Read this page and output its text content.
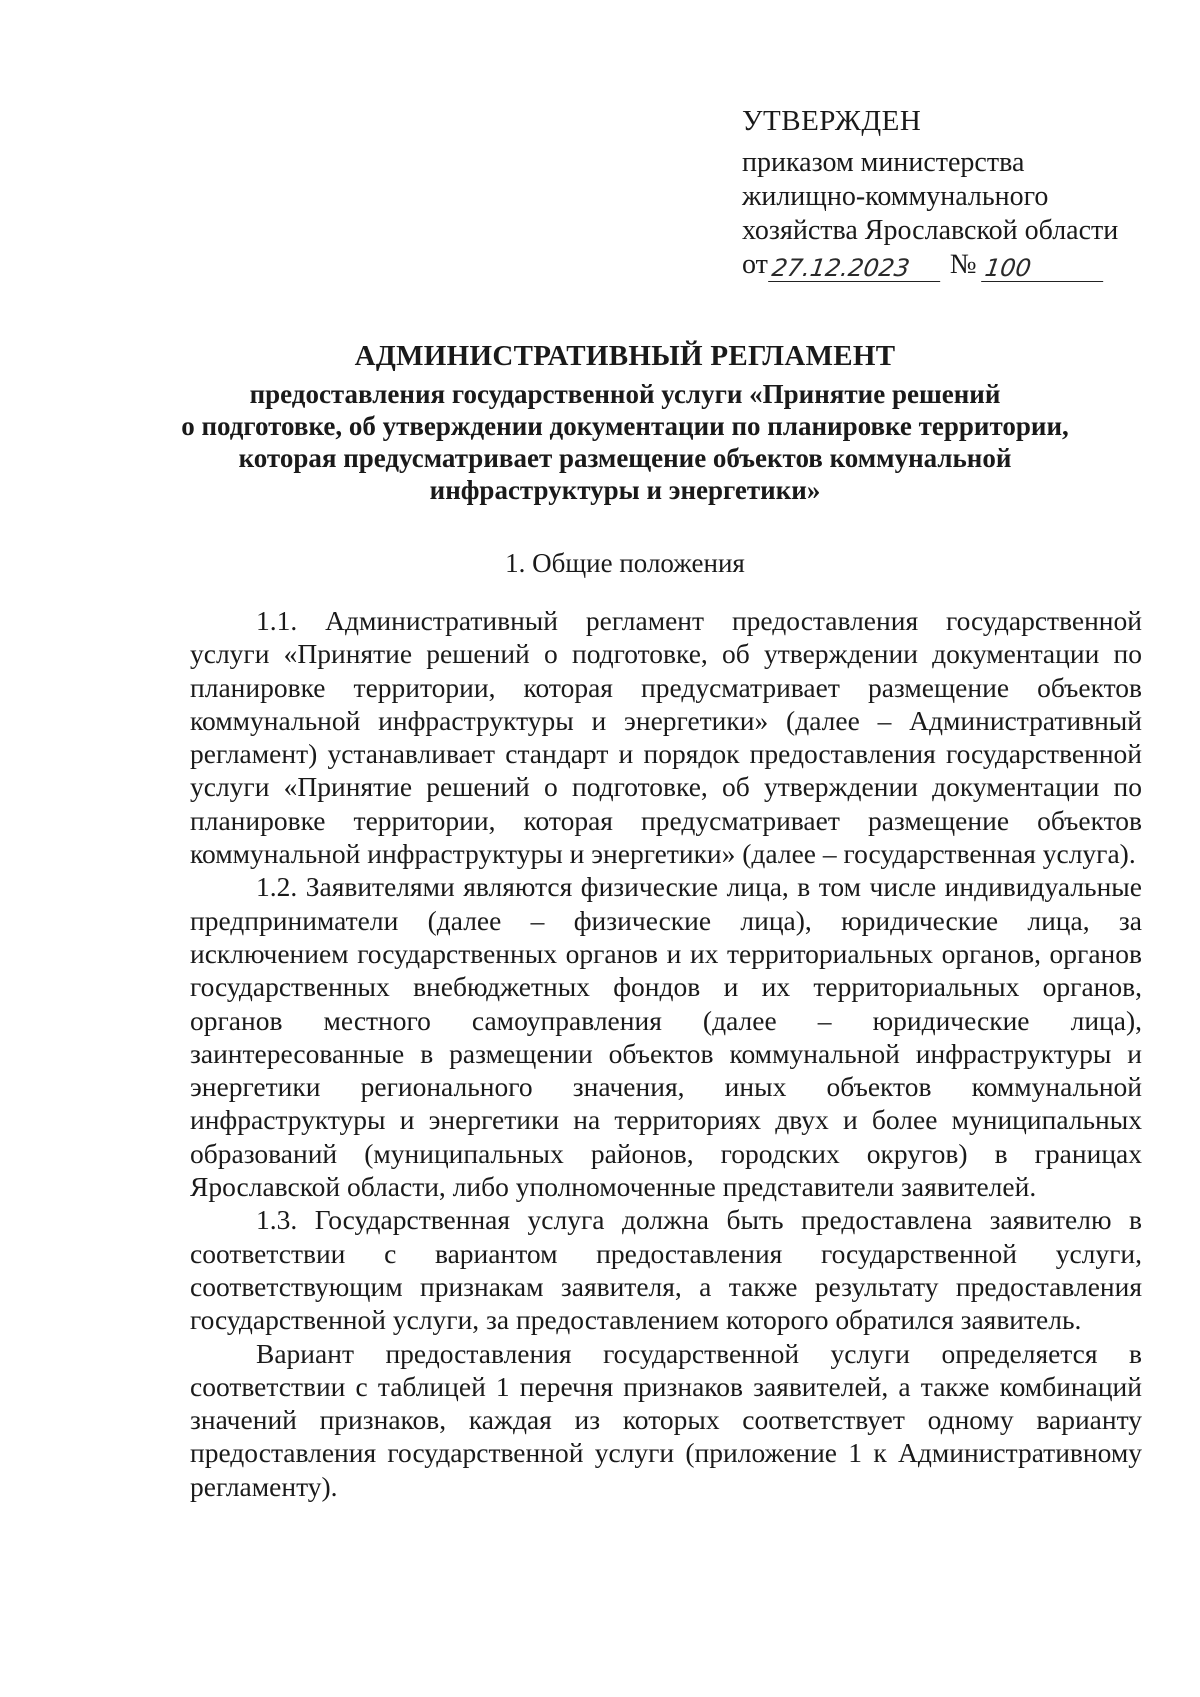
УТВЕРЖДЕН
приказом министерства
жилищно-коммунального
хозяйства Ярославской области
от 27.12.2023	№ 100
АДМИНИСТРАТИВНЫЙ РЕГЛАМЕНТ
предоставления государственной услуги «Принятие решений
о подготовке, об утверждении документации по планировке территории,
которая предусматривает размещение объектов коммунальной
инфраструктуры и энергетики»
1. Общие положения

1.1. Административный регламент предоставления государственной услуги «Принятие решений о подготовке, об утверждении документации по планировке территории, которая предусматривает размещение объектов коммунальной инфраструктуры и энергетики» (далее – Административный регламент) устанавливает стандарт и порядок предоставления государственной услуги «Принятие решений о подготовке, об утверждении документации по планировке территории, которая предусматривает размещение объектов коммунальной инфраструктуры и энергетики» (далее – государственная услуга).

1.2. Заявителями являются физические лица, в том числе индивидуальные предприниматели (далее – физические лица), юридические лица, за исключением государственных органов и их территориальных органов, органов государственных внебюджетных фондов и их территориальных органов, органов местного самоуправления (далее – юридические лица), заинтересованные в размещении объектов коммунальной инфраструктуры и энергетики регионального значения, иных объектов коммунальной инфраструктуры и энергетики на территориях двух и более муниципальных образований (муниципальных районов, городских округов) в границах Ярославской области, либо уполномоченные представители заявителей.

1.3. Государственная услуга должна быть предоставлена заявителю в соответствии с вариантом предоставления государственной услуги, соответствующим признакам заявителя, а также результату предоставления государственной услуги, за предоставлением которого обратился заявитель.

Вариант предоставления государственной услуги определяется в соответствии с таблицей 1 перечня признаков заявителей, а также комбинаций значений признаков, каждая из которых соответствует одному варианту предоставления государственной услуги (приложение 1 к Административному регламенту).
